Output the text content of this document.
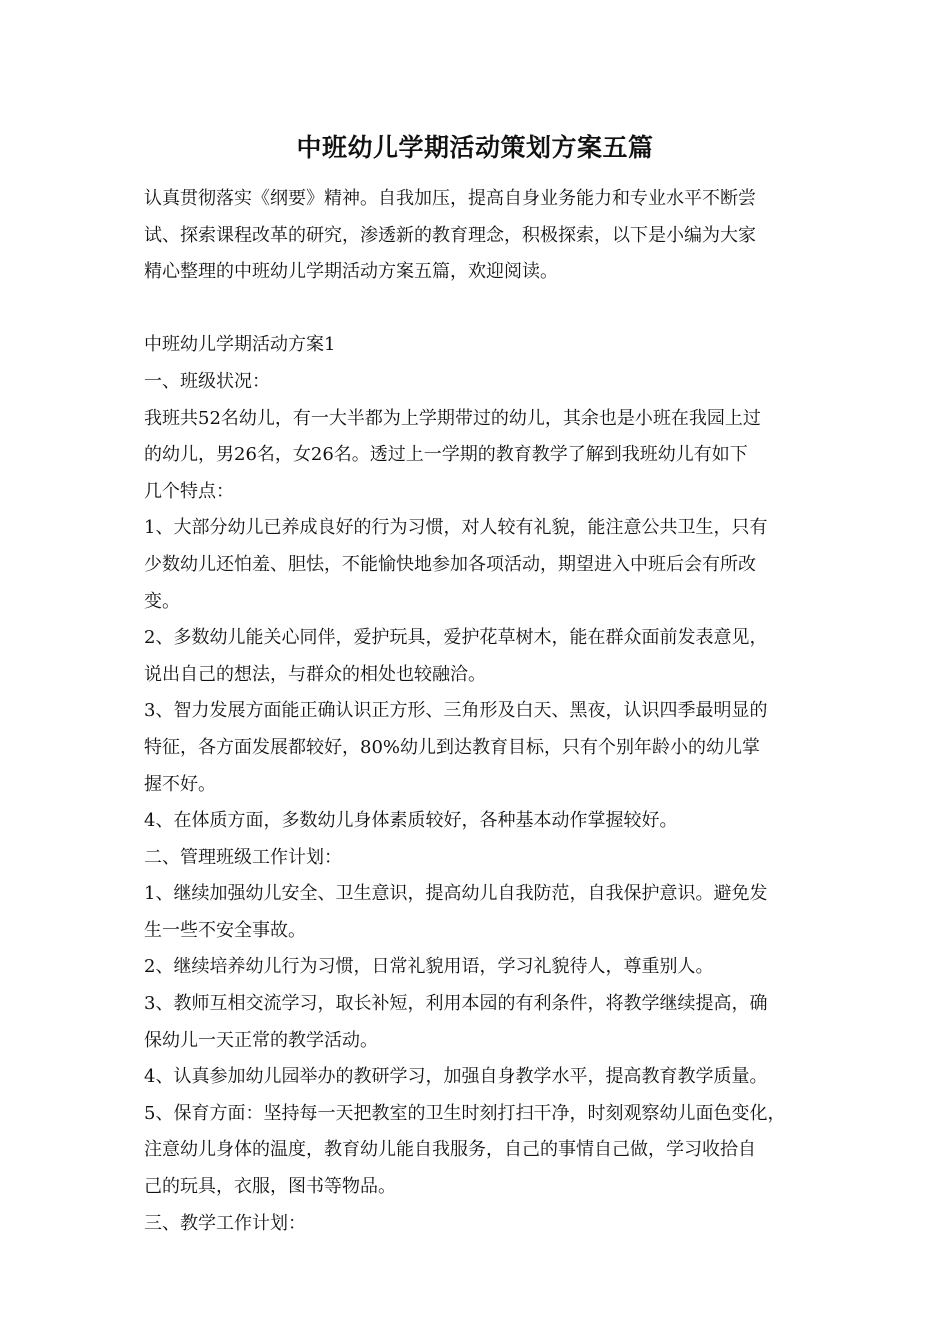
中班幼儿学期活动策划方案五篇

认真贯彻落实《纲要》精神。自我加压，提高自身业务能力和专业水平不断尝

试、探索课程改革的研究，渗透新的教育理念，积极探索，以下是小编为大家

精心整理的中班幼儿学期活动方案五篇，欢迎阅读。

中班幼儿学期活动方案1

一、班级状况：

我班共52名幼儿，有一大半都为上学期带过的幼儿，其余也是小班在我园上过

的幼儿，男26名，女26名。透过上一学期的教育教学了解到我班幼儿有如下

几个特点：

1、大部分幼儿已养成良好的行为习惯，对人较有礼貌，能注意公共卫生，只有

少数幼儿还怕羞、胆怯，不能愉快地参加各项活动，期望进入中班后会有所改

变。

2、多数幼儿能关心同伴，爱护玩具，爱护花草树木，能在群众面前发表意见，

说出自己的想法，与群众的相处也较融洽。

3、智力发展方面能正确认识正方形、三角形及白天、黑夜，认识四季最明显的

特征，各方面发展都较好，80%幼儿到达教育目标，只有个别年龄小的幼儿掌

握不好。

4、在体质方面，多数幼儿身体素质较好，各种基本动作掌握较好。

二、管理班级工作计划：

1、继续加强幼儿安全、卫生意识，提高幼儿自我防范，自我保护意识。避免发

生一些不安全事故。

2、继续培养幼儿行为习惯，日常礼貌用语，学习礼貌待人，尊重别人。

3、教师互相交流学习，取长补短，利用本园的有利条件，将教学继续提高，确

保幼儿一天正常的教学活动。

4、认真参加幼儿园举办的教研学习，加强自身教学水平，提高教育教学质量。

5、保育方面：坚持每一天把教室的卫生时刻打扫干净，时刻观察幼儿面色变化，

注意幼儿身体的温度，教育幼儿能自我服务，自己的事情自己做，学习收拾自

己的玩具，衣服，图书等物品。

三、教学工作计划：
